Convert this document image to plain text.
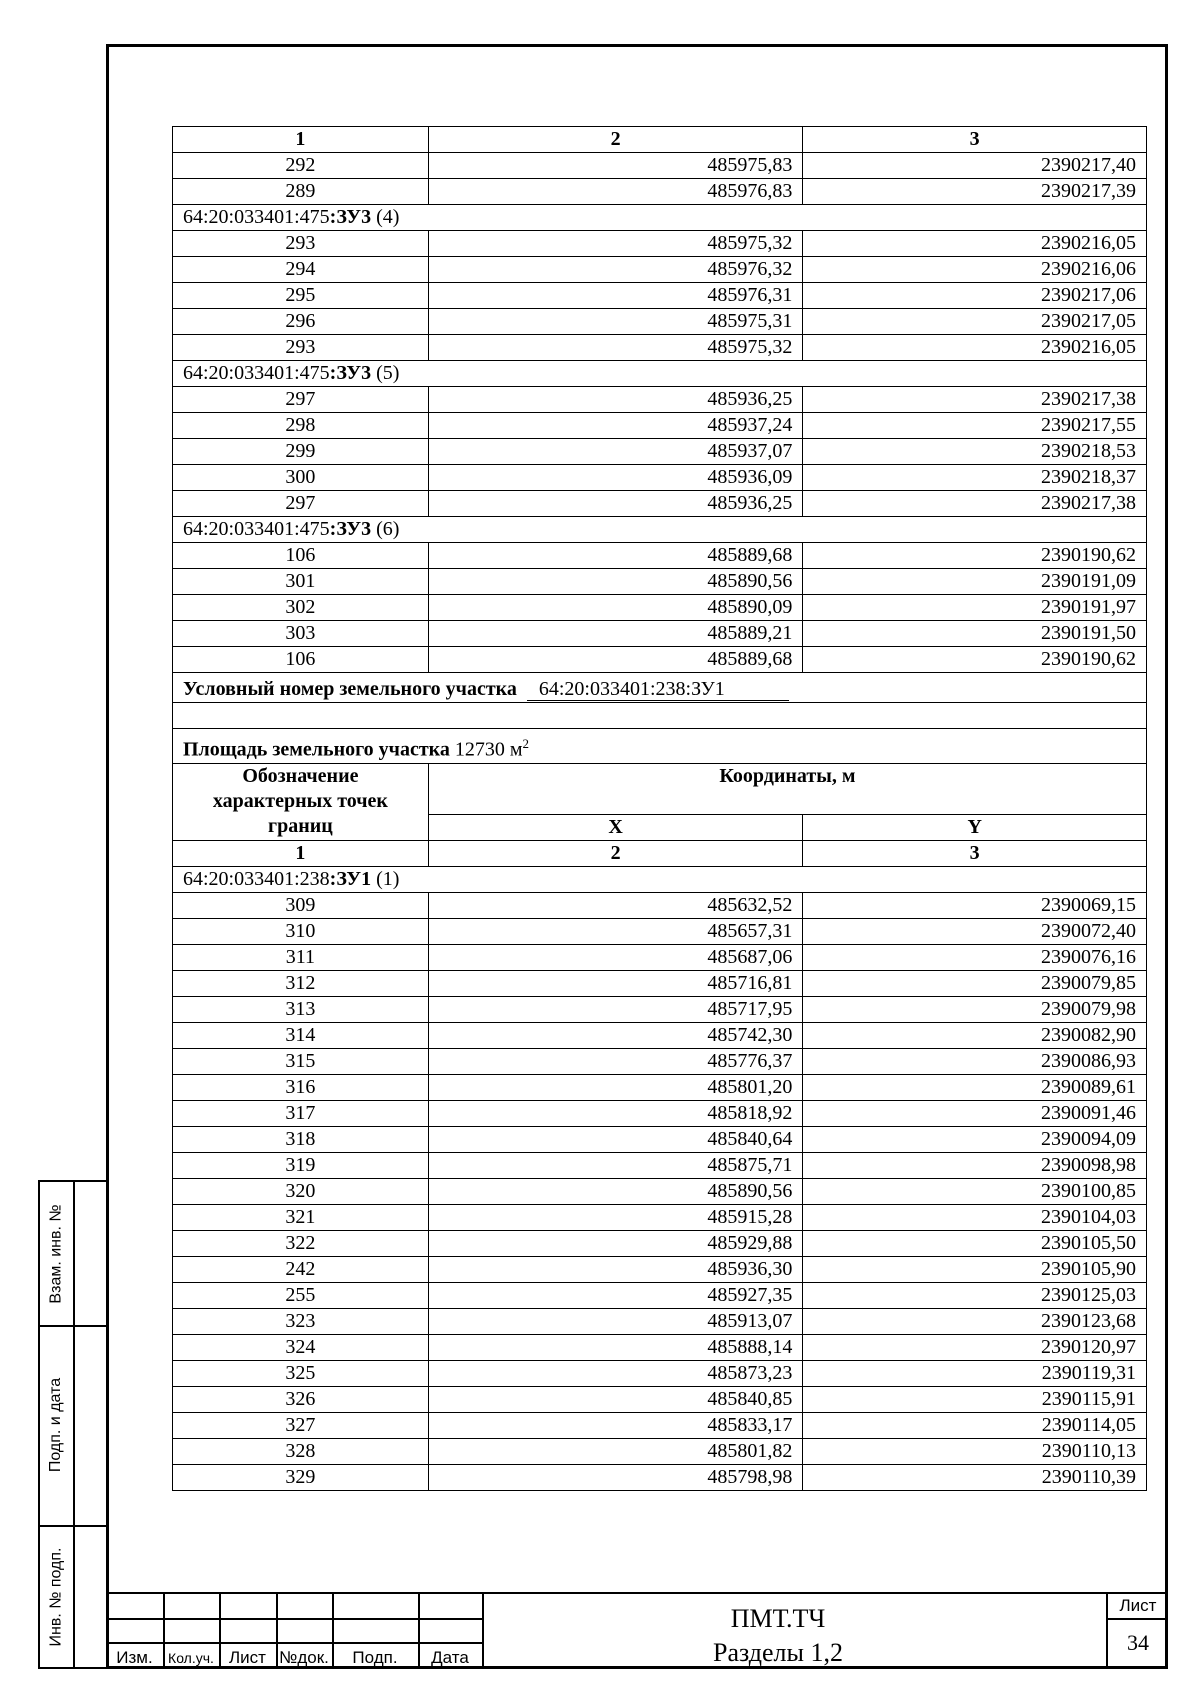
Взам. инв. №
Подп. и дата
Инв. № подп.
1	2	3
292	485975,83	2390217,40
289	485976,83	2390217,39
64:20:033401:475:ЗУ3 (4)		
293	485975,32	2390216,05
294	485976,32	2390216,06
295	485976,31	2390217,06
296	485975,31	2390217,05
293	485975,32	2390216,05
64:20:033401:475:ЗУ3 (5)		
297	485936,25	2390217,38
298	485937,24	2390217,55
299	485937,07	2390218,53
300	485936,09	2390218,37
297	485936,25	2390217,38
64:20:033401:475:ЗУ3 (6)		
106	485889,68	2390190,62
301	485890,56	2390191,09
302	485890,09	2390191,97
303	485889,21	2390191,50
106	485889,68	2390190,62
Условный номер земельного участка 64:20:033401:238:ЗУ1		

Площадь земельного участка 12730 $м^2$
Обозначение характерных точек границ	Координаты, м	
	X	Y
1	2	3
64:20:033401:238:ЗУ1 (1)		
309	485632,52	2390069,15
310	485657,31	2390072,40
311	485687,06	2390076,16
312	485716,81	2390079,85
313	485717,95	2390079,98
314	485742,30	2390082,90
315	485776,37	2390086,93
316	485801,20	2390089,61
317	485818,92	2390091,46
318	485840,64	2390094,09
319	485875,71	2390098,98
320	485890,56	2390100,85
321	485915,28	2390104,03
322	485929,88	2390105,50
242	485936,30	2390105,90
255	485927,35	2390125,03
323	485913,07	2390123,68
324	485888,14	2390120,97
325	485873,23	2390119,31
326	485840,85	2390115,91
327	485833,17	2390114,05
328	485801,82	2390110,13
329	485798,98	2390110,39
Изм.	Кол.уч. Лист №док.	Подп.	Дата
ПМТ.ТЧ
Разделы 1,2
Лист
34
